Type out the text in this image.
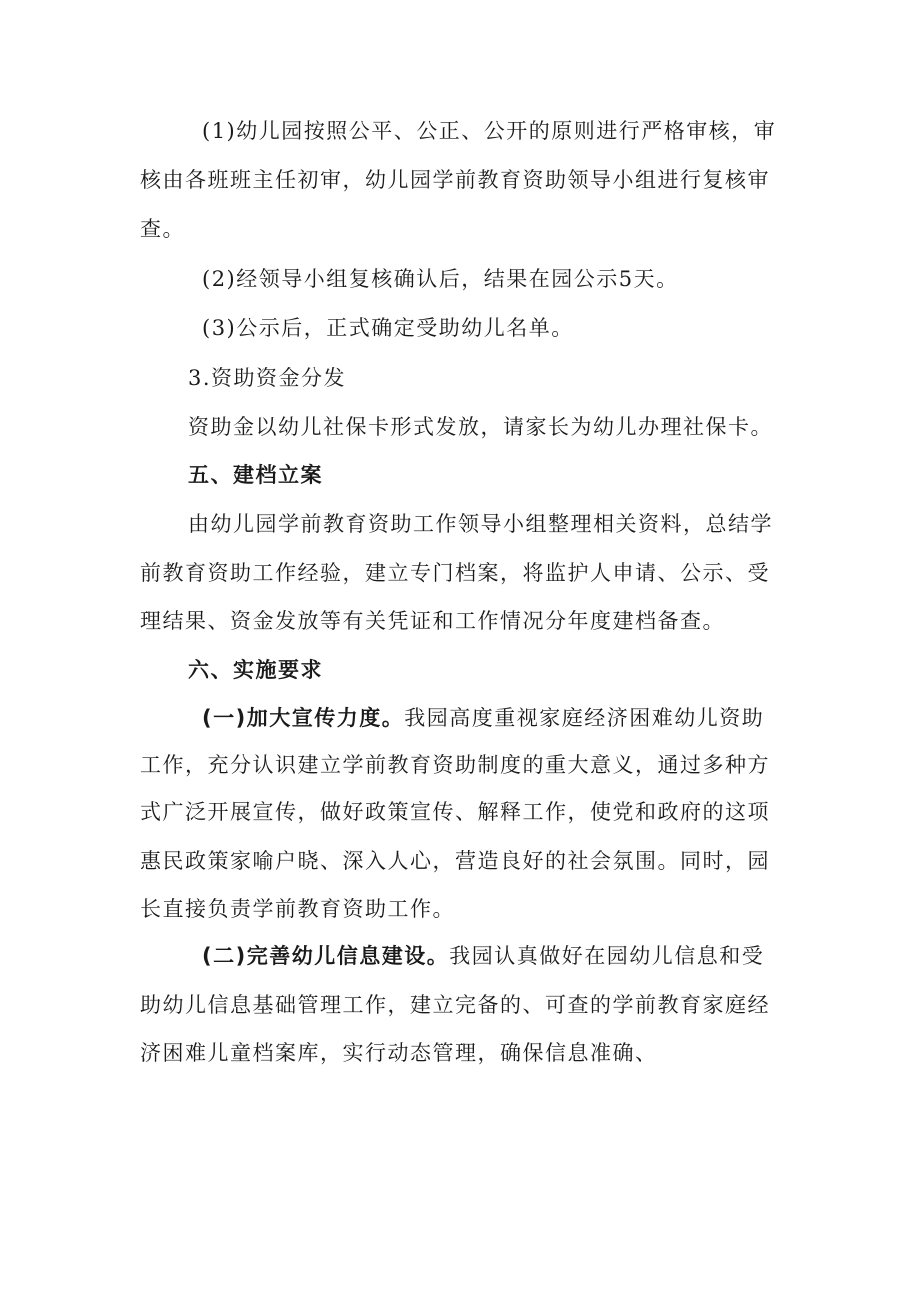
(1)幼儿园按照公平、公正、公开的原则进行严格审核，审
核由各班班主任初审，幼儿园学前教育资助领导小组进行复核审
查。
(2)经领导小组复核确认后，结果在园公示5天。
(3)公示后，正式确定受助幼儿名单。
3.资助资金分发
资助金以幼儿社保卡形式发放，请家长为幼儿办理社保卡。
五、建档立案
由幼儿园学前教育资助工作领导小组整理相关资料，总结学
前教育资助工作经验，建立专门档案，将监护人申请、公示、受
理结果、资金发放等有关凭证和工作情况分年度建档备查。
六、实施要求
(一)加大宣传力度。我园高度重视家庭经济困难幼儿资助
工作，充分认识建立学前教育资助制度的重大意义，通过多种方
式广泛开展宣传，做好政策宣传、解释工作，使党和政府的这项
惠民政策家喻户晓、深入人心，营造良好的社会氛围。同时，园
长直接负责学前教育资助工作。
(二)完善幼儿信息建设。我园认真做好在园幼儿信息和受
助幼儿信息基础管理工作，建立完备的、可查的学前教育家庭经
济困难儿童档案库，实行动态管理，确保信息准确、
